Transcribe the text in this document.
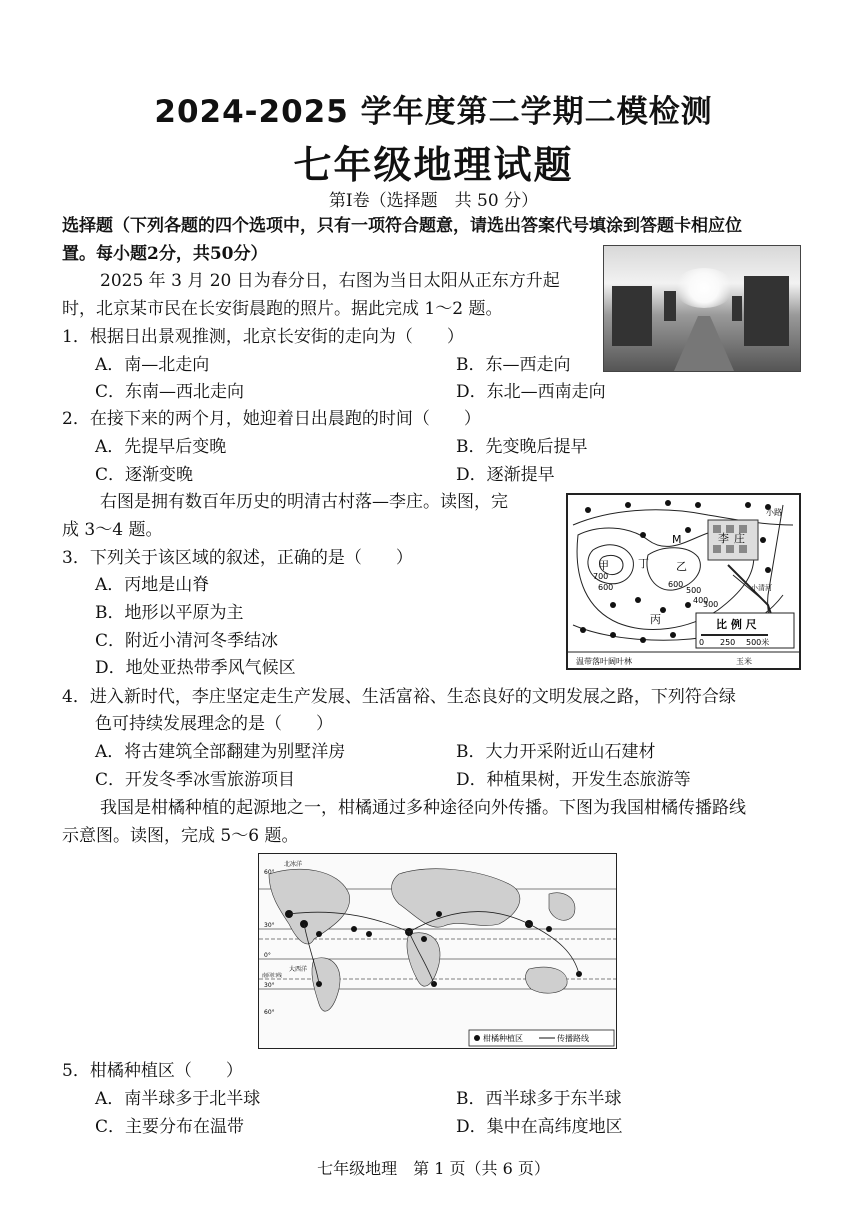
2024-2025 学年度第二学期二模检测
七年级地理试题
第Ⅰ卷（选择题　共 50 分）
选择题（下列各题的四个选项中，只有一项符合题意，请选出答案代号填涂到答题卡相应位
置。每小题2分，共50分）
2025 年 3 月 20 日为春分日，右图为当日太阳从正东方升起
时，北京某市民在长安街晨跑的照片。据此完成 1～2 题。
1．根据日出景观推测，北京长安街的走向为（　　）
A．南—北走向	B．东—西走向
C．东南—西北走向	D．东北—西南走向
2．在接下来的两个月，她迎着日出晨跑的时间（　　）
A．先提早后变晚	B．先变晚后提早
C．逐渐变晚	D．逐渐提早
右图是拥有数百年历史的明清古村落—李庄。读图，完
成 3～4 题。
甲	乙
丙
丁
M	李 庄
小路
小清河
700
600	600
500
400
300
比 例 尺
0 250 500米
温带落叶阔叶林	玉米
3．下列关于该区域的叙述，正确的是（　　）
A．丙地是山脊
B．地形以平原为主
C．附近小清河冬季结冰
D．地处亚热带季风气候区
4．进入新时代，李庄坚定走生产发展、生活富裕、生态良好的文明发展之路，下列符合绿
色可持续发展理念的是（　　）
A．将古建筑全部翻建为别墅洋房	B．大力开采附近山石建材
C．开发冬季冰雪旅游项目	D．种植果树，开发生态旅游等
我国是柑橘种植的起源地之一，柑橘通过多种途径向外传播。下图为我国柑橘传播路线
示意图。读图，完成 5～6 题。
60°
30°
0°
30°
60°
北冰洋
大西洋
南回归线
柑橘种植区	传播路线
5．柑橘种植区（　　）
A．南半球多于北半球	B．西半球多于东半球
C．主要分布在温带	D．集中在高纬度地区
七年级地理　第 1 页（共 6 页）
